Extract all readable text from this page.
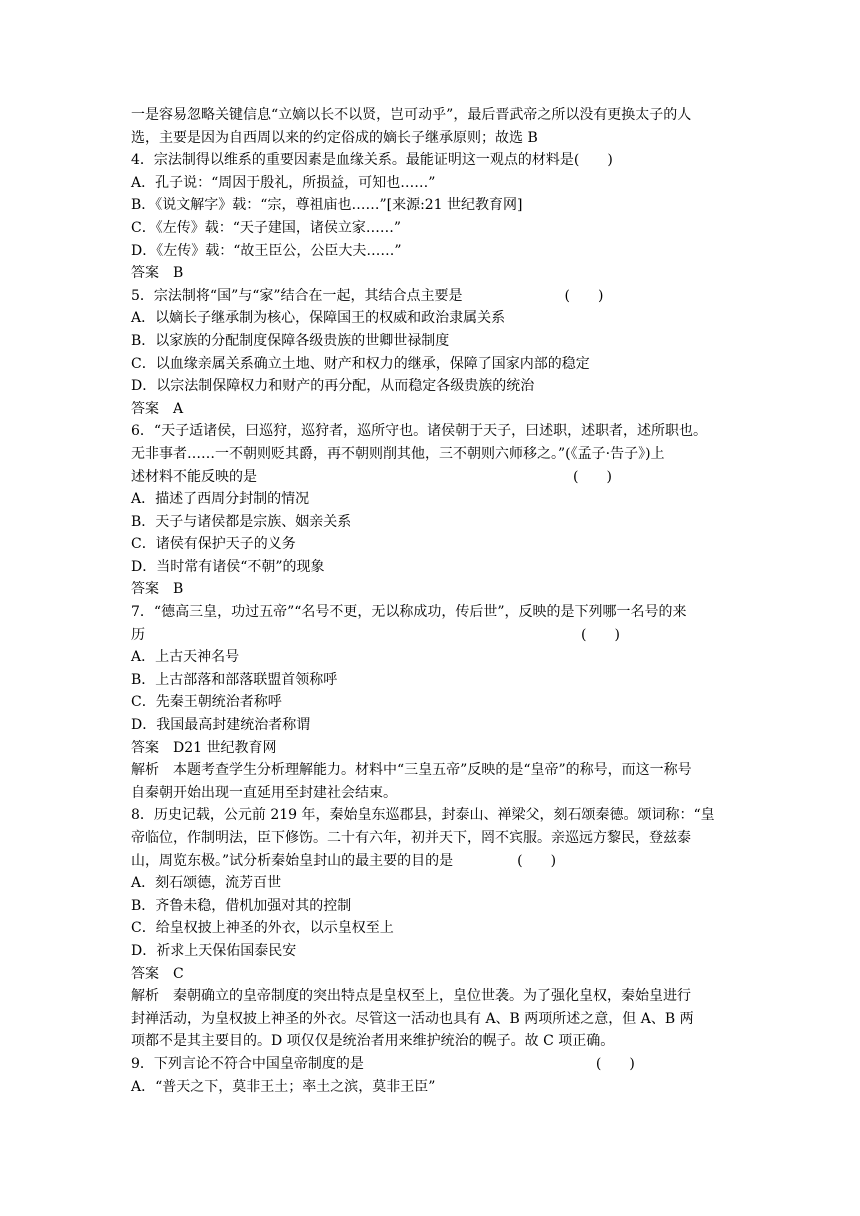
一是容易忽略关键信息“立嫡以长不以贤，岂可动乎”，最后晋武帝之所以没有更换太子的人
选，主要是因为自西周以来的约定俗成的嫡长子继承原则；故选 B
4．宗法制得以维系的重要因素是血缘关系。最能证明这一观点的材料是(　　)
A．孔子说：“周因于殷礼，所损益，可知也……”
B．《说文解字》载：“宗，尊祖庙也……”[来源:21 世纪教育网]
C．《左传》载：“天子建国，诸侯立家……”
D．《左传》载：“故王臣公，公臣大夫……”
答案　B
5．宗法制将“国”与“家”结合在一起，其结合点主要是	(　　)
A．以嫡长子继承制为核心，保障国王的权威和政治隶属关系
B．以家族的分配制度保障各级贵族的世卿世禄制度
C．以血缘亲属关系确立土地、财产和权力的继承，保障了国家内部的稳定
D．以宗法制保障权力和财产的再分配，从而稳定各级贵族的统治
答案　A
6．“天子适诸侯，曰巡狩，巡狩者，巡所守也。诸侯朝于天子，曰述职，述职者，述所职也。
无非事者……一不朝则贬其爵，再不朝则削其他，三不朝则六师移之。”(《孟子·告子》)上
述材料不能反映的是	(　　)
A．描述了西周分封制的情况
B．天子与诸侯都是宗族、姻亲关系
C．诸侯有保护天子的义务
D．当时常有诸侯“不朝”的现象
答案　B
7．“德高三皇，功过五帝”“名号不更，无以称成功，传后世”，反映的是下列哪一名号的来
历	(　　)
A．上古天神名号
B．上古部落和部落联盟首领称呼
C．先秦王朝统治者称呼
D．我国最高封建统治者称谓
答案　D21 世纪教育网
解析　本题考查学生分析理解能力。材料中“三皇五帝”反映的是“皇帝”的称号，而这一称号
自秦朝开始出现一直延用至封建社会结束。
8．历史记载，公元前 219 年，秦始皇东巡郡县，封泰山、禅梁父，刻石颂秦德。颂词称：“皇
帝临位，作制明法，臣下修饬。二十有六年，初并天下，罔不宾服。亲巡远方黎民，登兹泰
山，周览东极。”试分析秦始皇封山的最主要的目的是	(　　)
A．刻石颂德，流芳百世
B．齐鲁未稳，借机加强对其的控制
C．给皇权披上神圣的外衣，以示皇权至上
D．祈求上天保佑国泰民安
答案　C
解析　秦朝确立的皇帝制度的突出特点是皇权至上，皇位世袭。为了强化皇权，秦始皇进行
封禅活动，为皇权披上神圣的外衣。尽管这一活动也具有 A、B 两项所述之意，但 A、B 两
项都不是其主要目的。D 项仅仅是统治者用来维护统治的幌子。故 C 项正确。
9．下列言论不符合中国皇帝制度的是	(　　)
A．“普天之下，莫非王土；率土之滨，莫非王臣”
